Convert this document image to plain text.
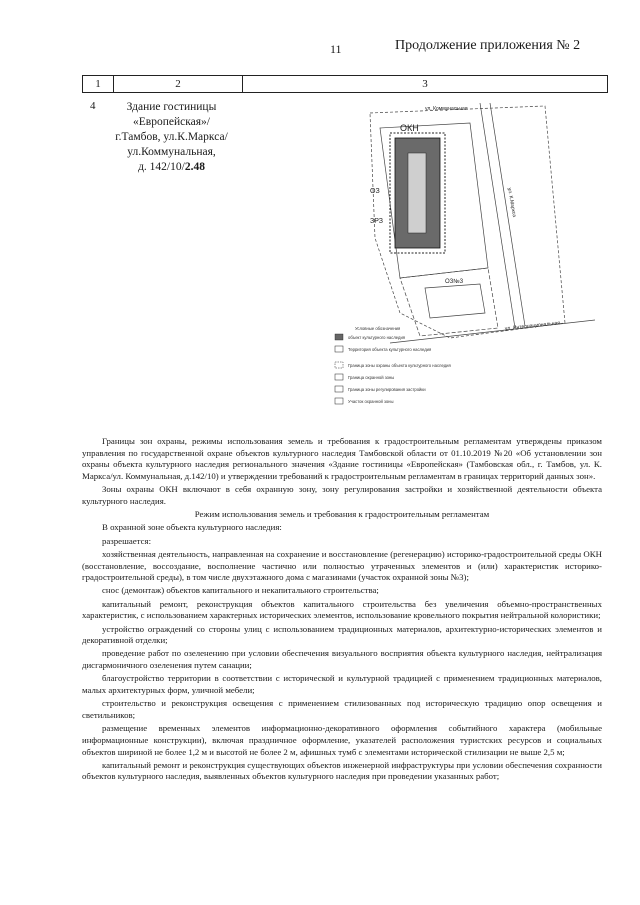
11	Продолжение приложения № 2
1	2	3
4	Здание гостиницы
«Европейская»/
г.Тамбов, ул.К.Маркса/
ул.Коммунальная,
д. 142/10/2.48
ОКН
ОЗ
ЗРЗ
ОЗ№3
ул. Коммунальная
ул. К.Маркса
ул. Интернациональная
Условные обозначения
объект культурного наследия
Территория объекта культурного наследия
Граница зоны охраны объекта культурного наследия
Граница охранной зоны
Граница зоны регулирования застройки
Участок охранной зоны

Границы зон охраны, режимы использования земель и требования к градостроительным регламентам утверждены приказом управления по государственной охране объектов культурного наследия Тамбовской области от 01.10.2019 №20 «Об установлении зон охраны объекта культурного наследия регионального значения «Здание гостиницы «Европейская» (Тамбовская обл., г. Тамбов, ул. К. Маркса/ул. Коммунальная, д.142/10) и утверждении требований к градостроительным регламентам в границах территорий данных зон».

Зоны охраны ОКН включают в себя охранную зону, зону регулирования застройки и хозяйственной деятельности объекта культурного наследия.

Режим использования земель и требования к градостроительным регламентам

В охранной зоне объекта культурного наследия:

разрешается:

хозяйственная деятельность, направленная на сохранение и восстановление (регенерацию) историко-градостроительной среды ОКН (восстановление, воссоздание, восполнение частично или полностью утраченных элементов и (или) характеристик историко-градостроительной среды), в том числе двухэтажного дома с магазинами (участок охранной зоны №3);

снос (демонтаж) объектов капитального и некапитального строительства;

капитальный ремонт, реконструкция объектов капитального строительства без увеличения объемно-пространственных характеристик, с использованием характерных исторических элементов, использование кровельного покрытия нейтральной колористики;

устройство ограждений со стороны улиц с использованием традиционных материалов, архитектурно-исторических элементов и декоративной отделки;

проведение работ по озеленению при условии обеспечения визуального восприятия объекта культурного наследия, нейтрализация дисгармоничного озеленения путем санации;

благоустройство территории в соответствии с исторической и культурной традицией с применением традиционных материалов, малых архитектурных форм, уличной мебели;

строительство и реконструкция освещения с применением стилизованных под историческую традицию опор освещения и светильников;

размещение временных элементов информационно-декоративного оформления событийного характера (мобильные информационные конструкции), включая праздничное оформление, указателей расположения туристских ресурсов и социальных объектов шириной не более 1,2 м и высотой не более 2 м, афишных тумб с элементами исторической стилизации не выше 2,5 м;

капитальный ремонт и реконструкция существующих объектов инженерной инфраструктуры при условии обеспечения сохранности объектов культурного наследия, выявленных объектов культурного наследия при проведении указанных работ;
